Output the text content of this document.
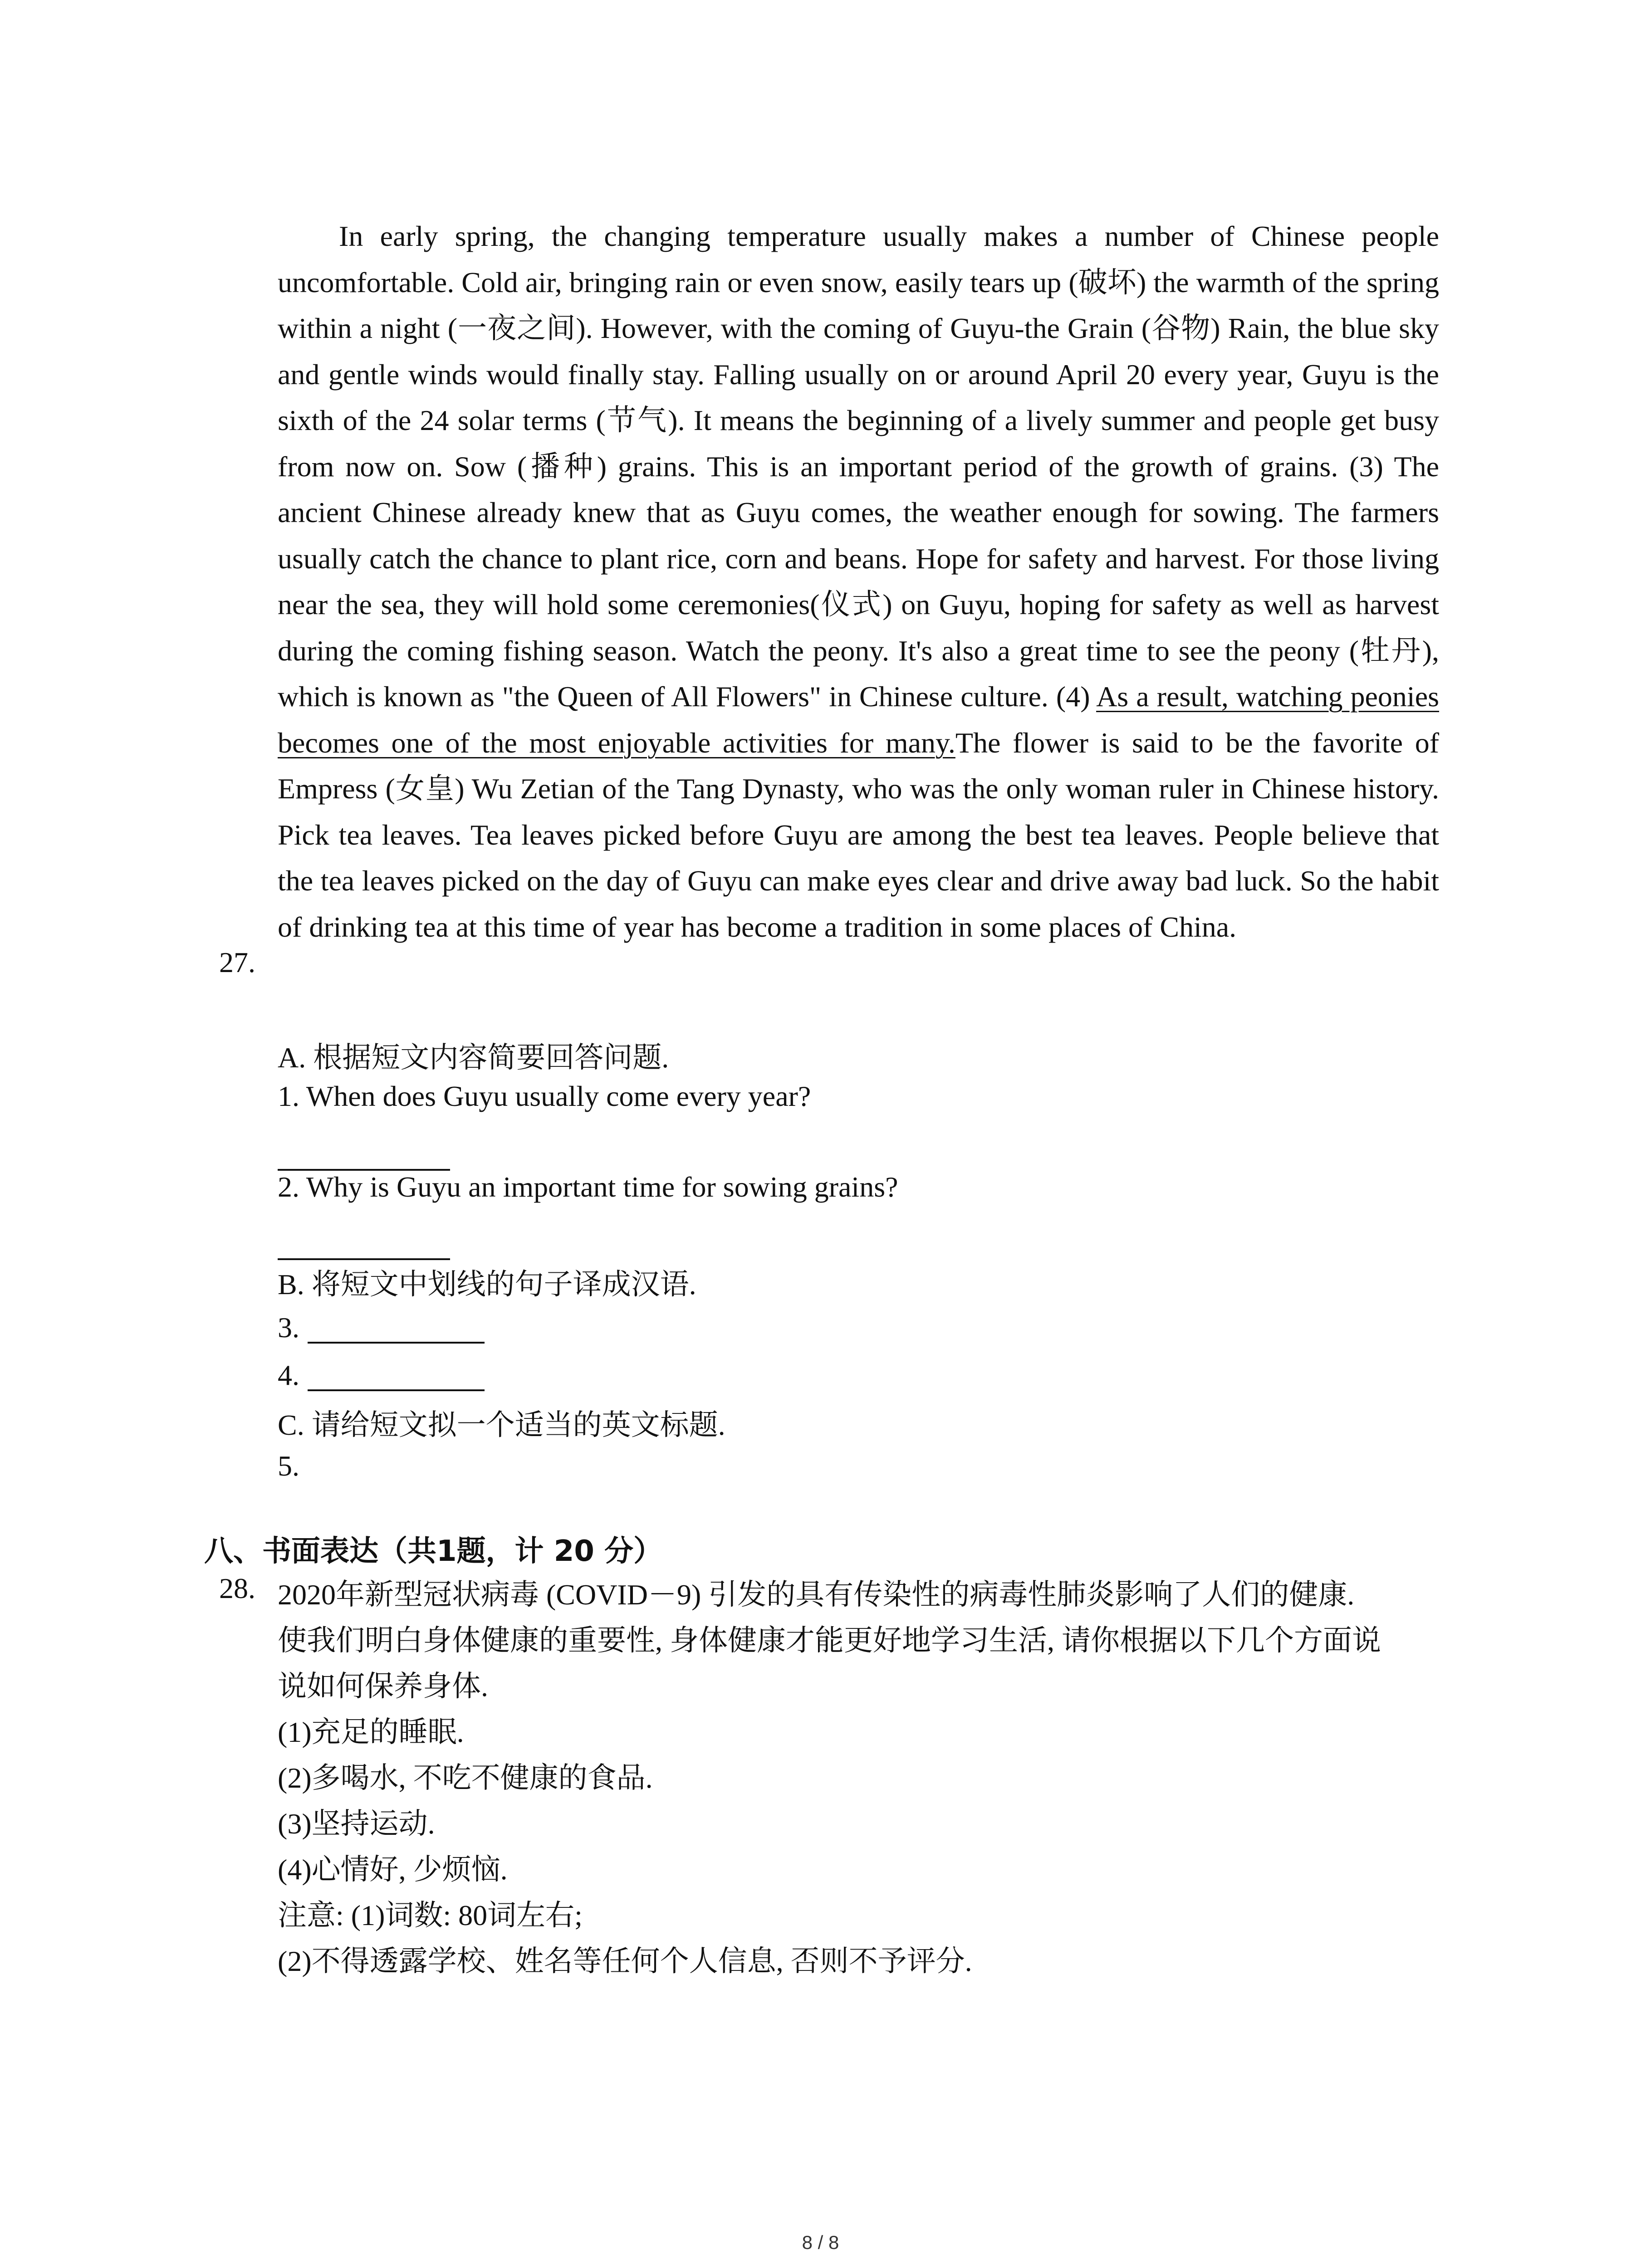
In early spring, the changing temperature usually makes a number of Chinese people uncomfortable. Cold air, bringing rain or even snow, easily tears up (破坏) the warmth of the spring within a night (一夜之间). However, with the coming of Guyu-the Grain (谷物) Rain, the blue sky and gentle winds would finally stay. Falling usually on or around April 20 every year, Guyu is the sixth of the 24 solar terms (节气). It means the beginning of a lively summer and people get busy from now on. Sow (播种) grains. This is an important period of the growth of grains. (3) The ancient Chinese already knew that as Guyu comes, the weather enough for sowing. The farmers usually catch the chance to plant rice, corn and beans. Hope for safety and harvest. For those living near the sea, they will hold some ceremonies(仪式) on Guyu, hoping for safety as well as harvest during the coming fishing season. Watch the peony. It's also a great time to see the peony (牡丹), which is known as "the Queen of All Flowers" in Chinese culture. (4) As a result, watching peonies becomes one of the most enjoyable activities for many.The flower is said to be the favorite of Empress (女皇) Wu Zetian of the Tang Dynasty, who was the only woman ruler in Chinese history. Pick tea leaves. Tea leaves picked before Guyu are among the best tea leaves. People believe that the tea leaves picked on the day of Guyu can make eyes clear and drive away bad luck. So the habit of drinking tea at this time of year has become a tradition in some places of China.
27.
A. 根据短文内容简要回答问题.
1. When does Guyu usually come every year?
2. Why is Guyu an important time for sowing grains?
B. 将短文中划线的句子译成汉语.
3.
4.
C. 请给短文拟一个适当的英文标题.
5.
八、书面表达（共1题，计 20 分）
28. 2020年新型冠状病毒 (COVID－9) 引发的具有传染性的病毒性肺炎影响了人们的健康.
使我们明白身体健康的重要性, 身体健康才能更好地学习生活, 请你根据以下几个方面说
说如何保养身体.
(1)充足的睡眠.
(2)多喝水, 不吃不健康的食品.
(3)坚持运动.
(4)心情好, 少烦恼.
注意: (1)词数: 80词左右;
(2)不得透露学校、姓名等任何个人信息, 否则不予评分.
8 / 8
